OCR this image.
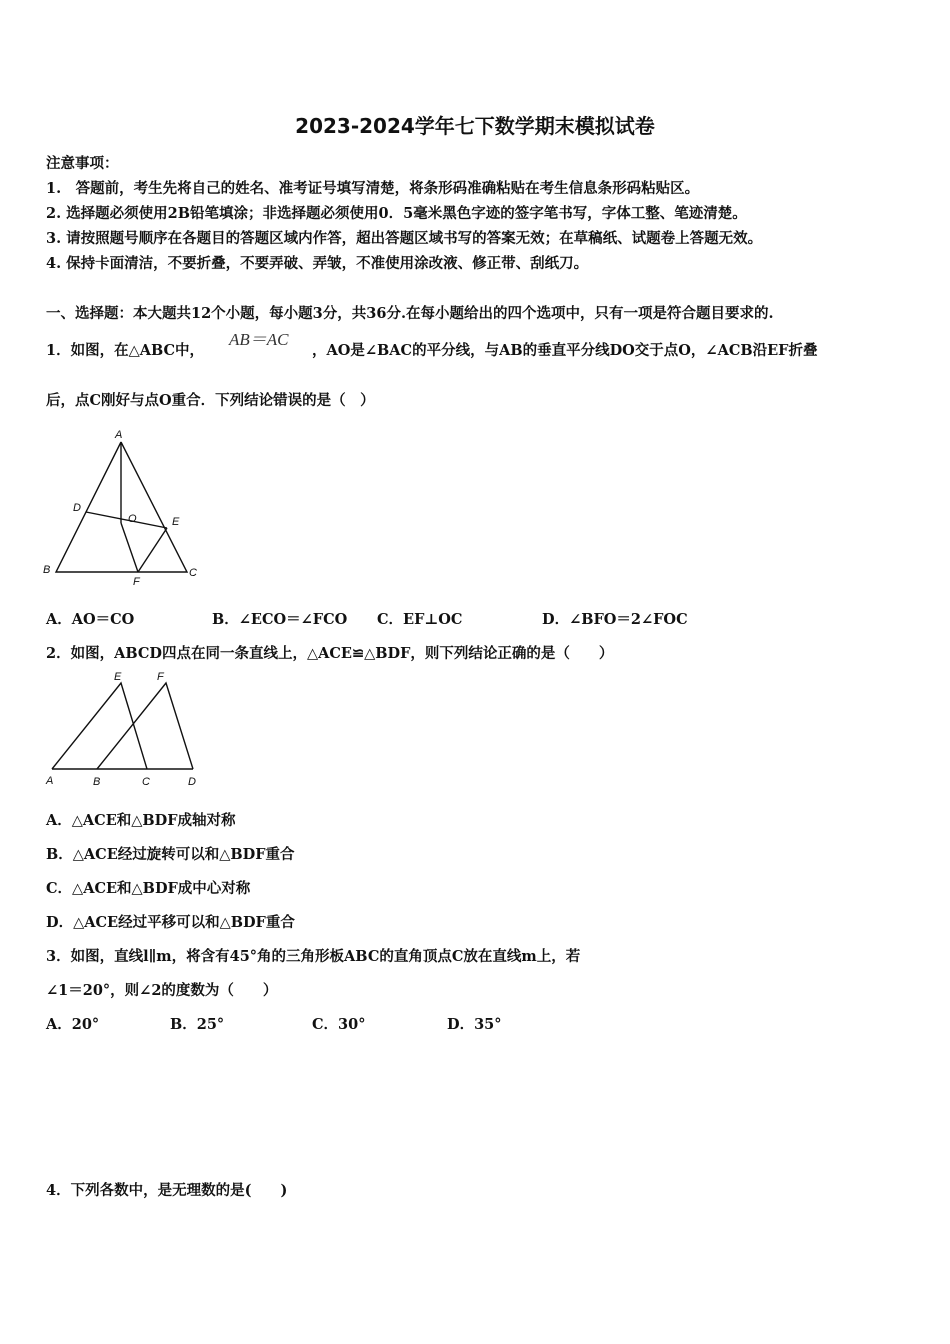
2023-2024学年七下数学期末模拟试卷
注意事项：
1.　答题前，考生先将自己的姓名、准考证号填写清楚，将条形码准确粘贴在考生信息条形码粘贴区。
2. 选择题必须使用2B铅笔填涂；非选择题必须使用0．5毫米黑色字迹的签字笔书写，字体工整、笔迹清楚。
3. 请按照题号顺序在各题目的答题区域内作答，超出答题区域书写的答案无效；在草稿纸、试题卷上答题无效。
4. 保持卡面清洁，不要折叠，不要弄破、弄皱，不准使用涂改液、修正带、刮纸刀。
一、选择题：本大题共12个小题，每小题3分，共36分.在每小题给出的四个选项中，只有一项是符合题目要求的.
1．如图，在△ABC中，
AB＝AC
，AO是∠BAC的平分线，与AB的垂直平分线DO交于点O，∠ACB沿EF折叠
后，点C刚好与点O重合．下列结论错误的是（　）
A
D
O	E
B	C
F
A．AO＝CO	B．∠ECO＝∠FCO C．EF⊥OC	D．∠BFO＝2∠FOC
2．如图，ABCD四点在同一条直线上，△ACE≌△BDF，则下列结论正确的是（　　）
E	F
A	B	C	D
A．△ACE和△BDF成轴对称
B．△ACE经过旋转可以和△BDF重合
C．△ACE和△BDF成中心对称
D．△ACE经过平移可以和△BDF重合
3．如图，直线l∥m，将含有45°角的三角形板ABC的直角顶点C放在直线m上，若
∠1＝20°，则∠2的度数为（　　）
A．20°	B．25°	C．30°	D．35°
4．下列各数中，是无理数的是(　　)
